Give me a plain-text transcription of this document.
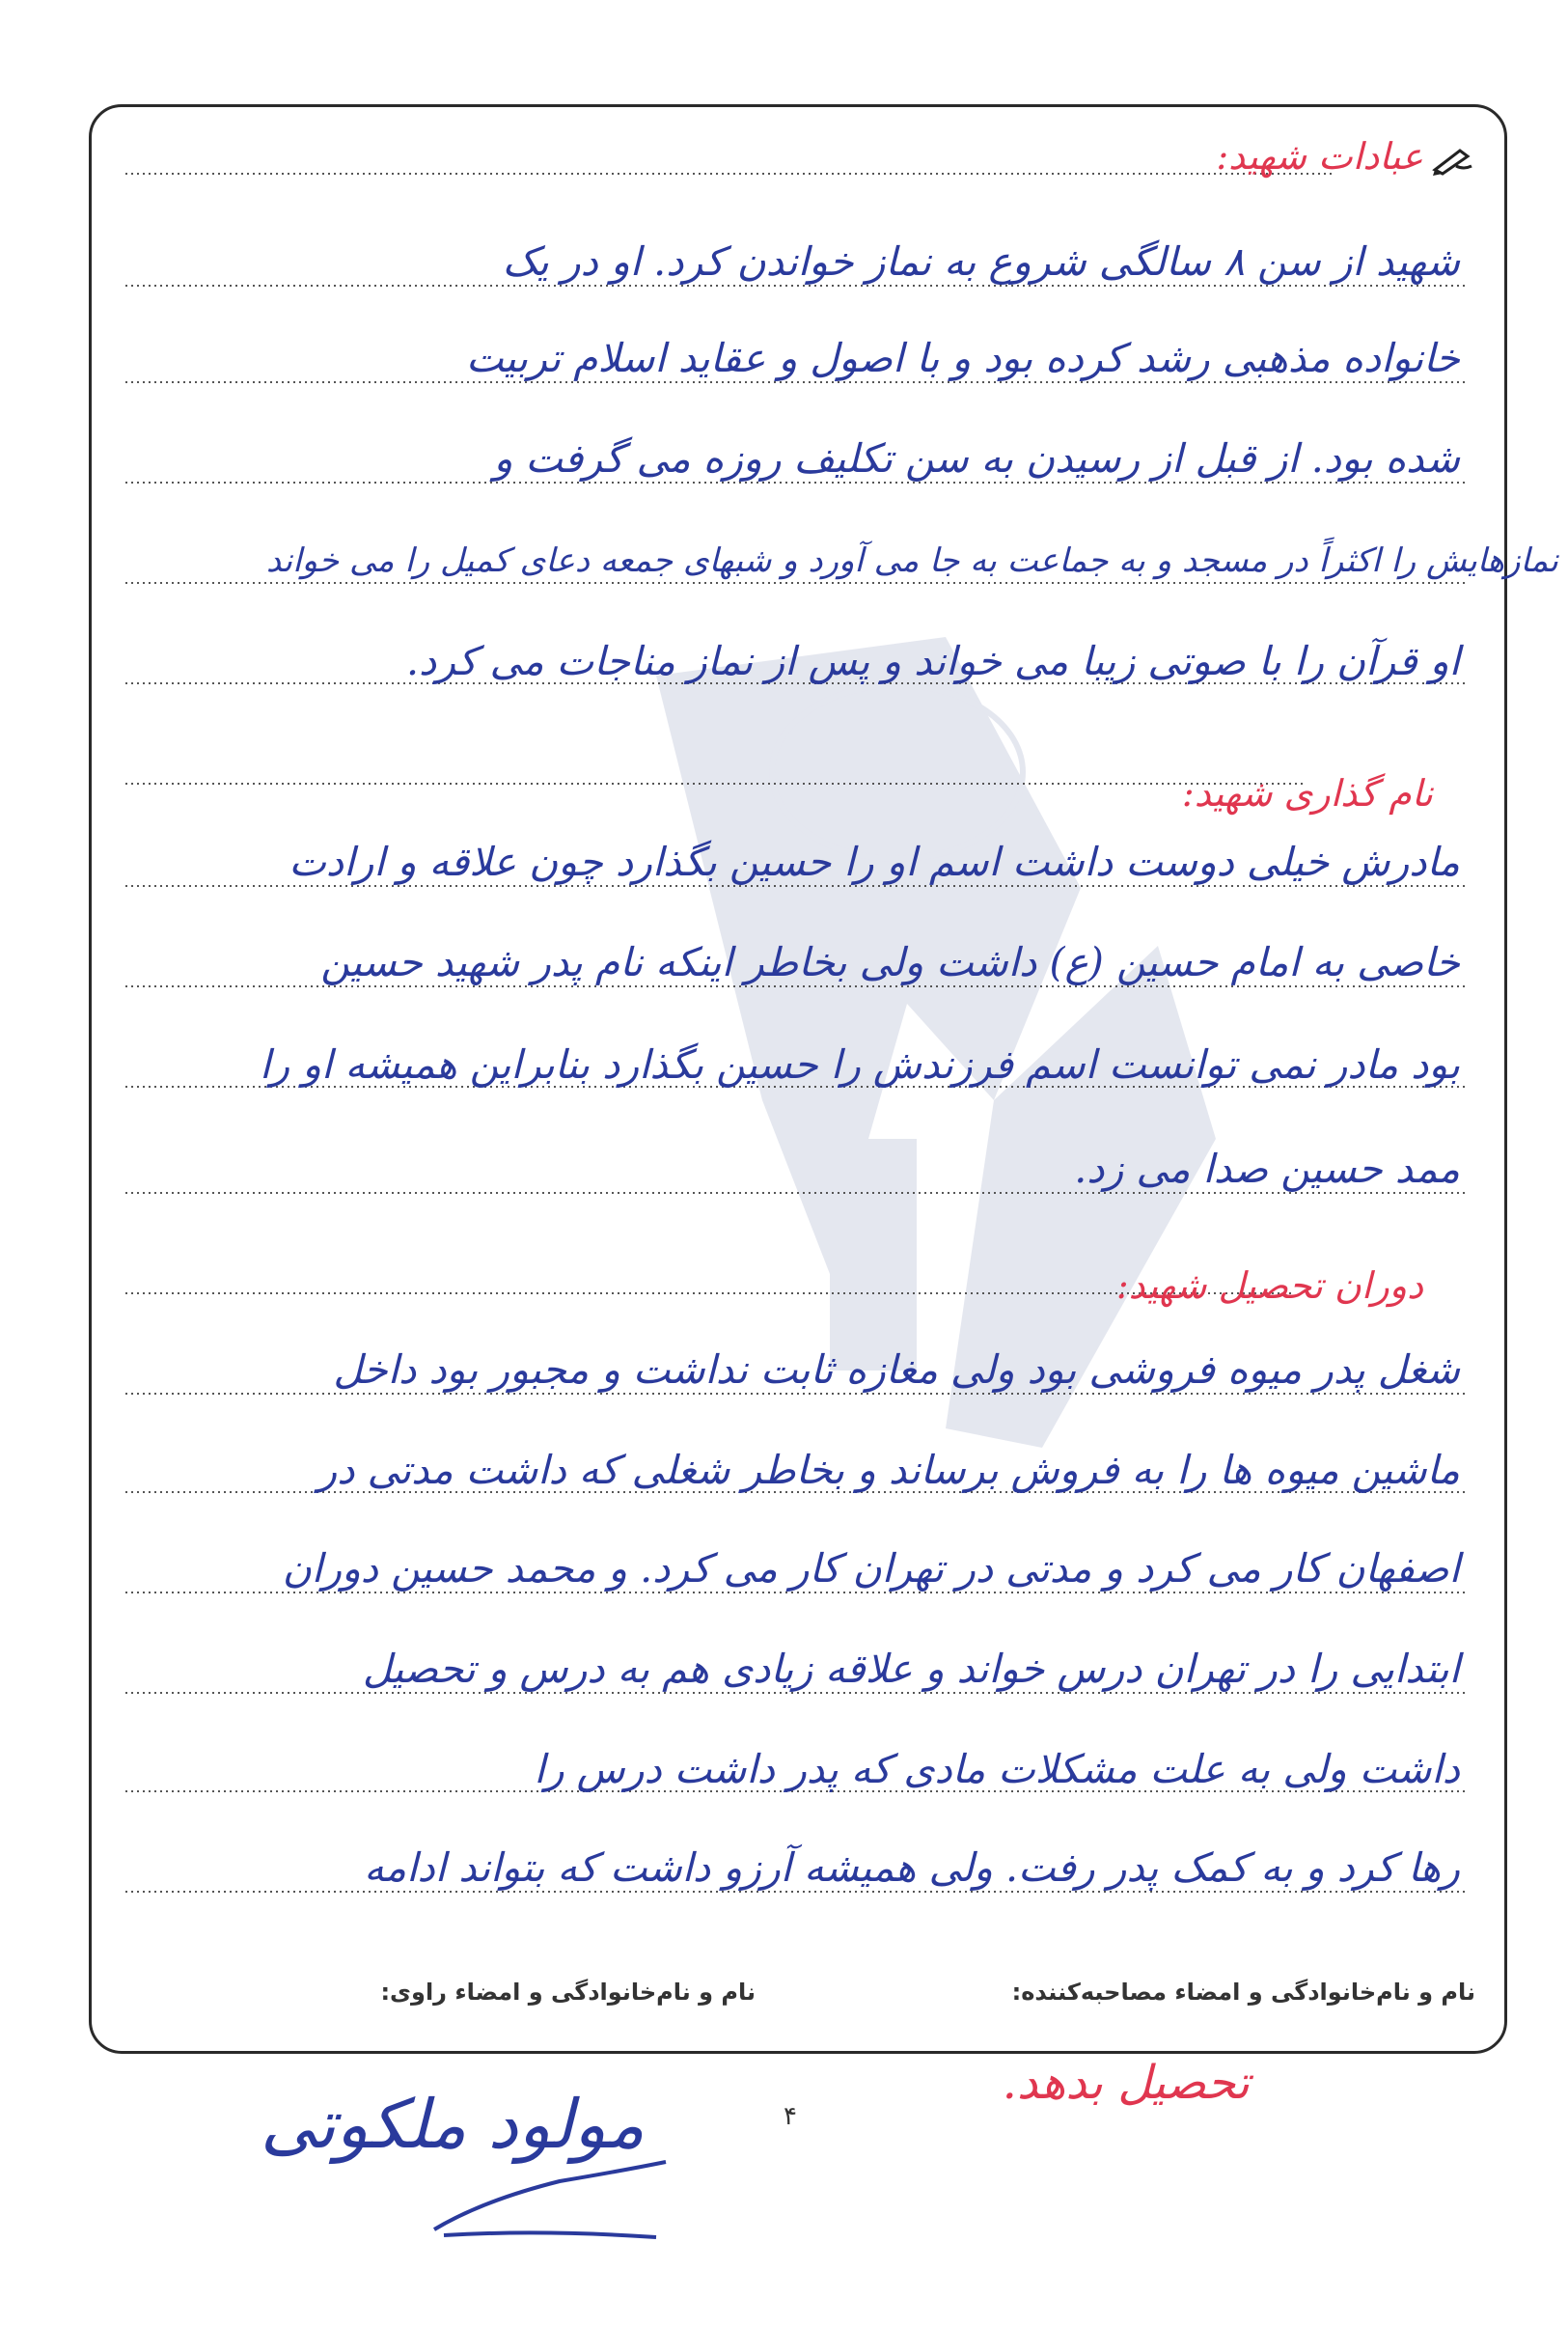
عبادات شهید:
نام گذاری شهید:
دوران تحصیل شهید:
شهید از سن ۸ سالگی شروع به نماز خواندن کرد. او در یک
خانواده مذهبی رشد کرده بود و با اصول و عقاید اسلام تربیت
شده بود. از قبل از رسیدن به سن تکلیف روزه می گرفت و
نمازهایش را اکثراً در مسجد و به جماعت به جا می آورد و شبهای جمعه دعای کمیل را می خواند
او قرآن را با صوتی زیبا می خواند و پس از نماز مناجات می کرد.
مادرش خیلی دوست داشت اسم او را حسین بگذارد چون علاقه و ارادت
خاصی به امام حسین (ع) داشت ولی بخاطر اینکه نام پدر شهید حسین
بود مادر نمی توانست اسم فرزندش را حسین بگذارد بنابراین همیشه او را
ممد حسین صدا می زد.
شغل پدر میوه فروشی بود ولی مغازه ثابت نداشت و مجبور بود داخل
ماشین میوه ها را به فروش برساند و بخاطر شغلی که داشت مدتی در
اصفهان کار می کرد و مدتی در تهران کار می کرد. و محمد حسین دوران
ابتدایی را در تهران درس خواند و علاقه زیادی هم به درس و تحصیل
داشت ولی به علت مشکلات مادی که پدر داشت درس را
رها کرد و به کمک پدر رفت. ولی همیشه آرزو داشت که بتواند ادامه
نام و نام‌خانوادگی و امضاء مصاحبه‌کننده:
نام و نام‌خانوادگی و امضاء راوی:
تحصیل بدهد.
۴
مولود ملکوتی
